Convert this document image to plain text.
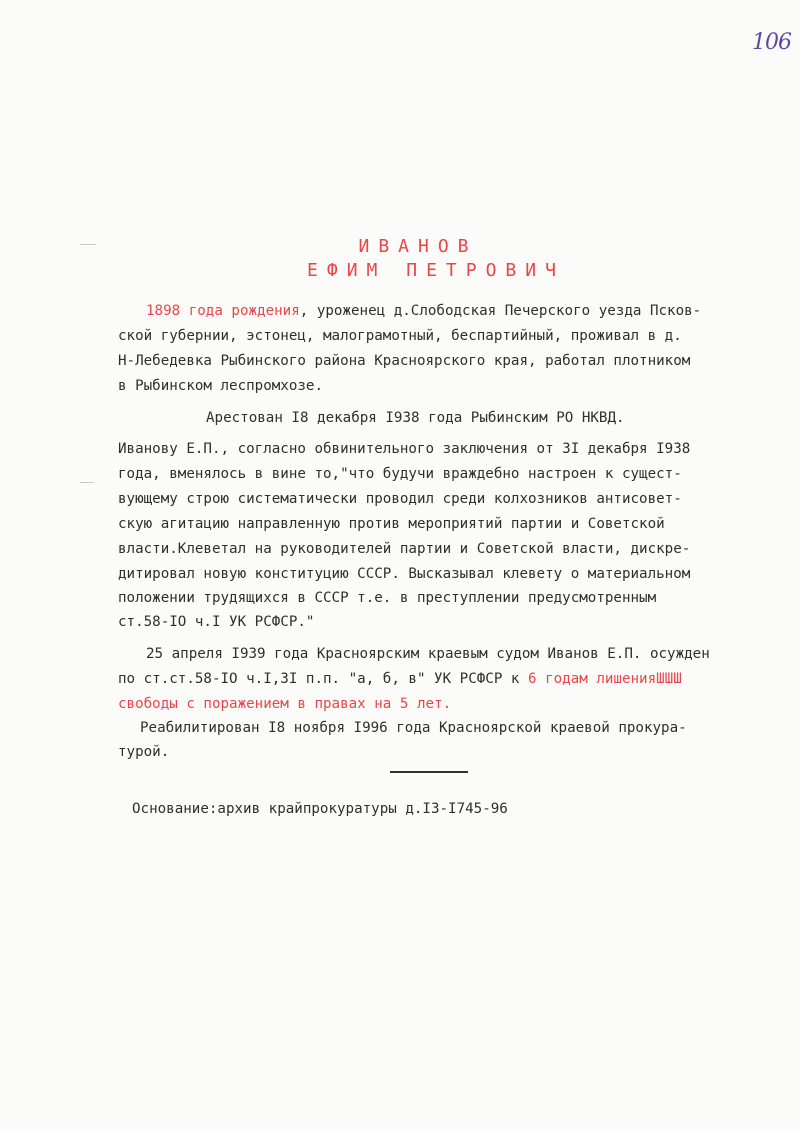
106
ИВАНОВ
ЕФИМ ПЕТРОВИЧ
1898 года рождения, уроженец д.Слободская Печерского уезда Псков-
ской губернии, эстонец, малограмотный, беспартийный, проживал в д.
Н-Лебедевка Рыбинского района Красноярского края, работал плотником
в Рыбинском леспромхозе.
Арестован I8 декабря I938 года Рыбинским РО НКВД.
Иванову Е.П., согласно обвинительного заключения от 3I декабря I938
года, вменялось в вине то,"что будучи враждебно настроен к сущест-
вующему строю систематически проводил среди колхозников антисовет-
скую агитацию направленную против мероприятий партии и Советской
власти.Клеветал на руководителей партии и Советской власти, дискре-
дитировал новую конституцию СССР. Высказывал клевету о материальном
положении трудящихся в СССР т.е. в преступлении предусмотренным
ст.58-IO ч.I УК РСФСР."
25 апреля I939 года Красноярским краевым судом Иванов Е.П. осужден
по ст.ст.58-IO ч.I,3I п.п. "а, б, в" УК РСФСР к 6 годам лишенияШШШ
свободы с поражением в правах на 5 лет.
Реабилитирован I8 ноября I996 года Красноярской краевой прокура-
турой.
Основание:архив крайпрокуратуры д.I3-I745-96
